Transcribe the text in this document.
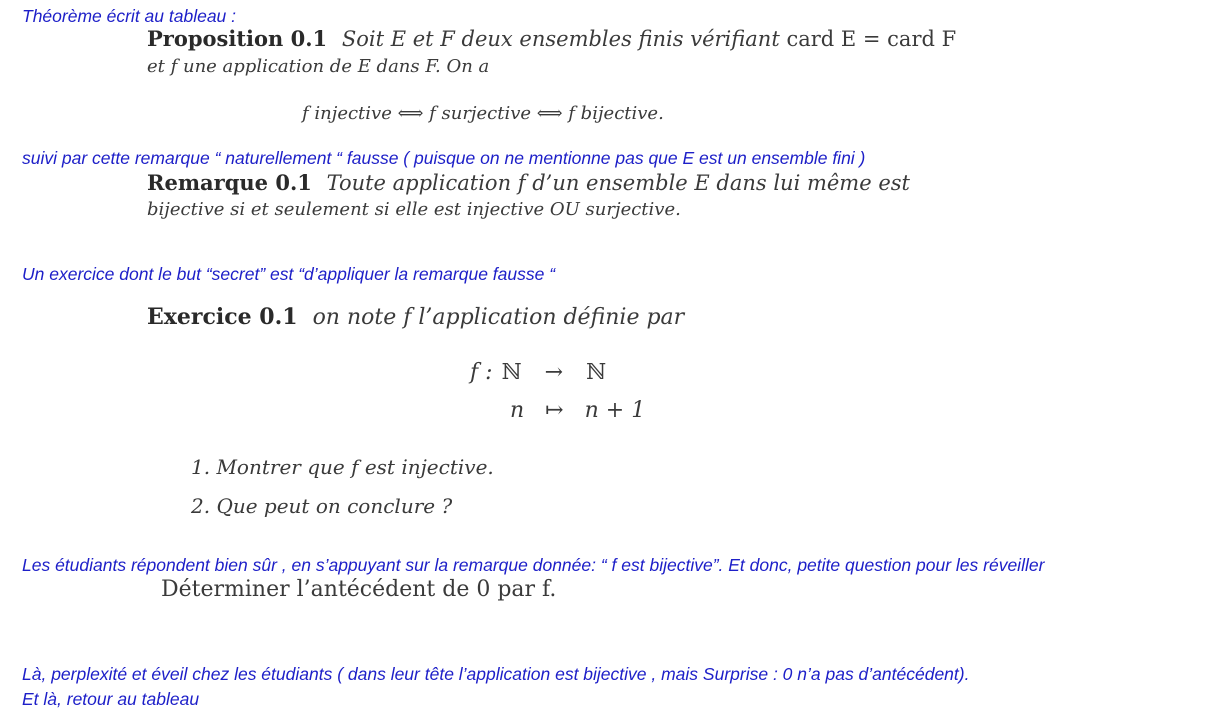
Théorème écrit au tableau :
Proposition 0.1 Soit E et F deux ensembles finis vérifiant card E = card F
et f une application de E dans F. On a
f injective ⟺ f surjective ⟺ f bijective.
suivi par cette remarque “ naturellement “ fausse ( puisque on ne mentionne pas que E est un ensemble fini )
Remarque 0.1 Toute application f d’un ensemble E dans lui même est
bijective si et seulement si elle est injective OU surjective.
Un exercice dont le but “secret” est “d’appliquer la remarque fausse “
Exercice 0.1 on note f l’application définie par
f : ℕ → ℕ
n ↦ n + 1
1. Montrer que f est injective.
2. Que peut on conclure ?
Les étudiants répondent bien sûr , en s’appuyant sur la remarque donnée: “ f est bijective”. Et donc, petite question pour les réveiller
Déterminer l’antécédent de 0 par f.
Là, perplexité et éveil chez les étudiants ( dans leur tête l’application est bijective , mais Surprise : 0 n’a pas d’antécédent).
Et là, retour au tableau
